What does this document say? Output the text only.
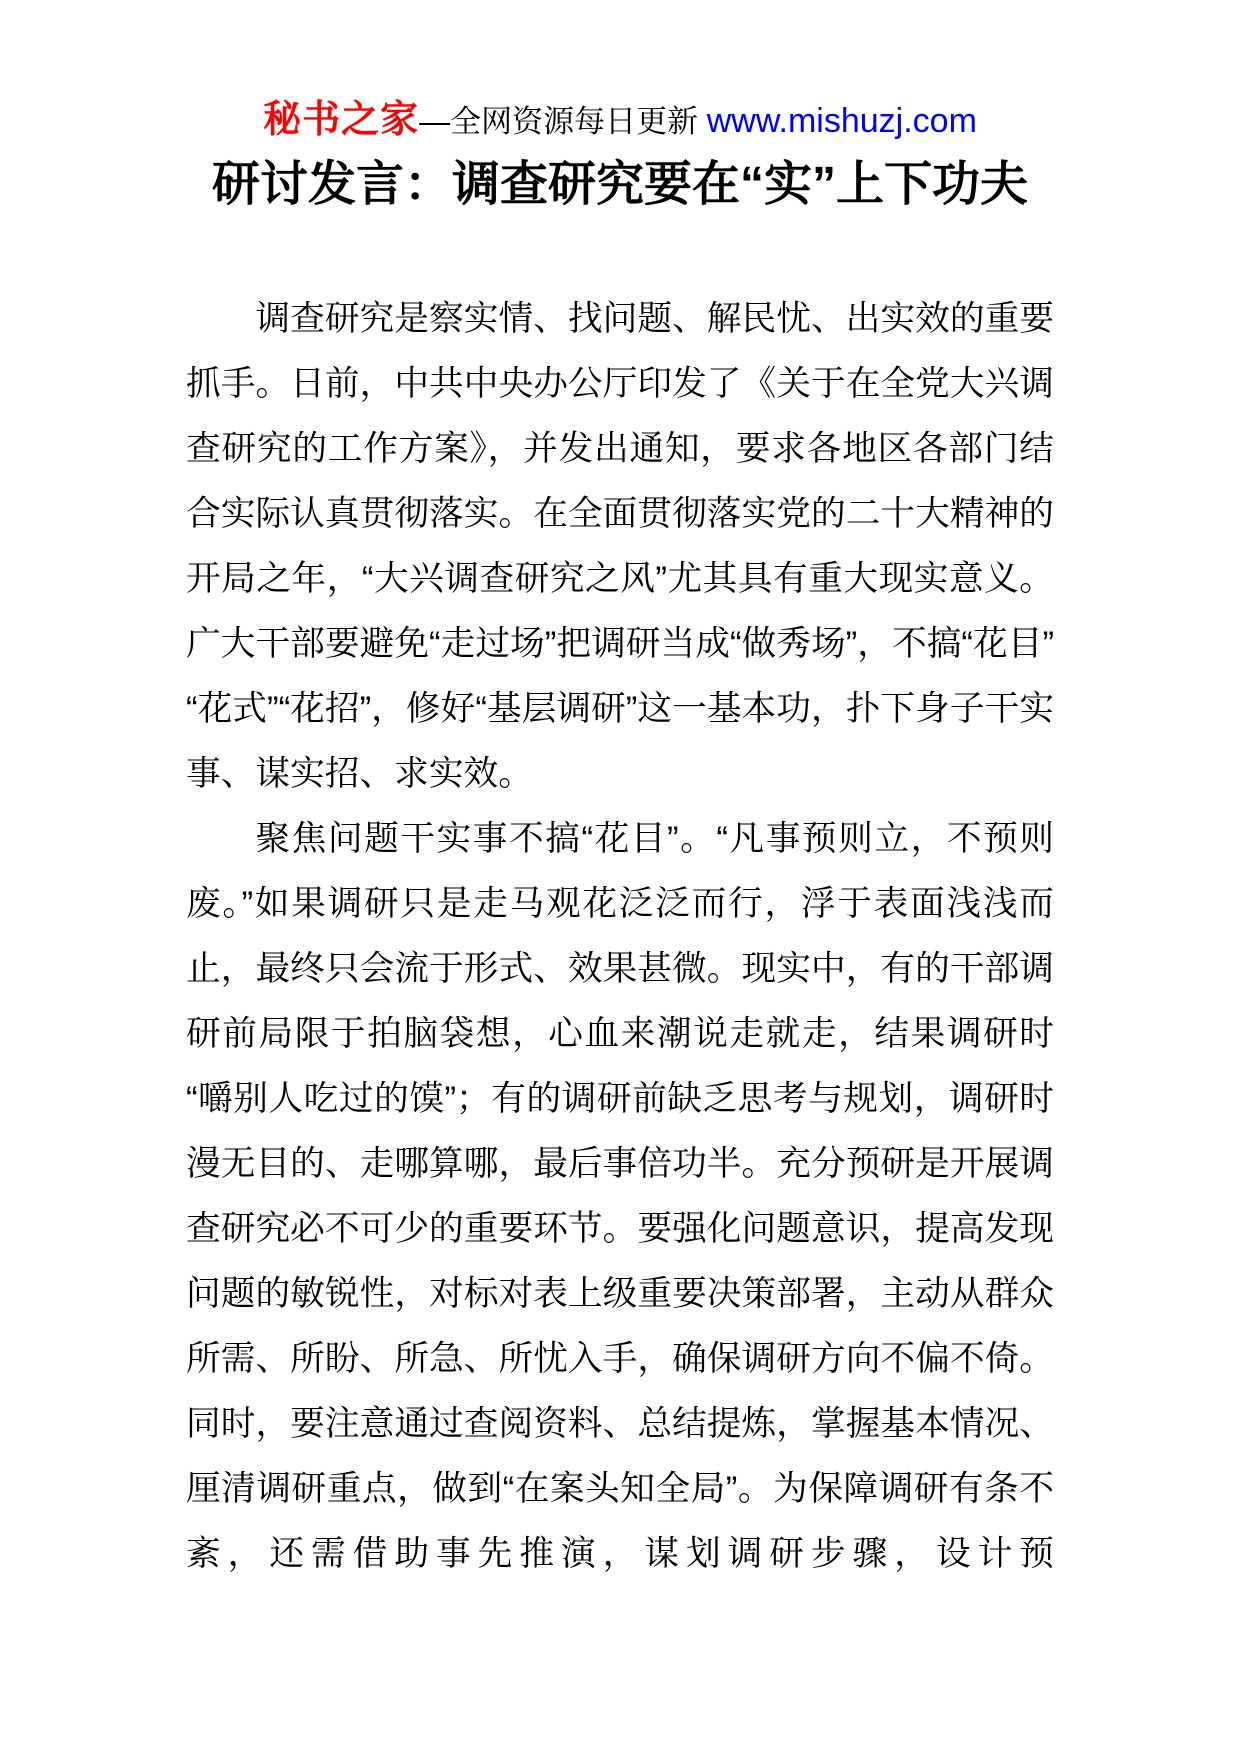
秘书之家—全网资源每日更新 www.mishuzj.com
研讨发言：调查研究要在“实”上下功夫

调查研究是察实情、找问题、解民忧、出实效的重要抓手。日前，中共中央办公厅印发了《关于在全党大兴调查研究的工作方案》，并发出通知，要求各地区各部门结合实际认真贯彻落实。在全面贯彻落实党的二十大精神的开局之年，“大兴调查研究之风”尤其具有重大现实意义。广大干部要避免“走过场”把调研当成“做秀场”，不搞“花目”“花式”“花招”，修好“基层调研”这一基本功，扑下身子干实事、谋实招、求实效。

聚焦问题干实事不搞“花目”。“凡事预则立，不预则废。”如果调研只是走马观花泛泛而行，浮于表面浅浅而止，最终只会流于形式、效果甚微。现实中，有的干部调研前局限于拍脑袋想，心血来潮说走就走，结果调研时“嚼别人吃过的馍”；有的调研前缺乏思考与规划，调研时漫无目的、走哪算哪，最后事倍功半。充分预研是开展调查研究必不可少的重要环节。要强化问题意识，提高发现问题的敏锐性，对标对表上级重要决策部署，主动从群众所需、所盼、所急、所忧入手，确保调研方向不偏不倚。同时，要注意通过查阅资料、总结提炼，掌握基本情况、厘清调研重点，做到“在案头知全局”。为保障调研有条不紊，还需借助事先推演，谋划调研步骤，设计预
